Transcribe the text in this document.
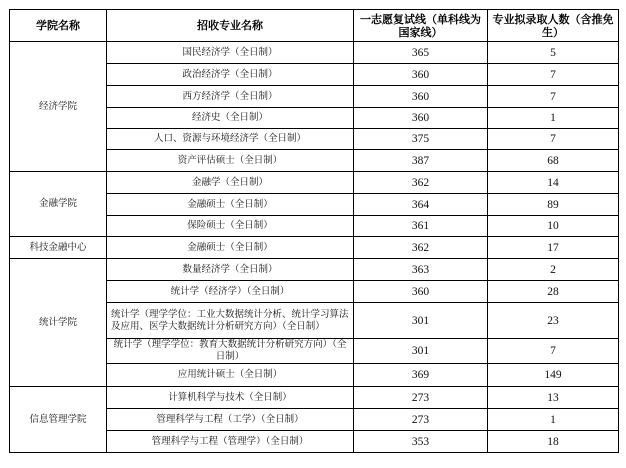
学院名称	招收专业名称	一志愿复试线（单科线为国家线）	专业拟录取人数（含推免生）
经济学院	国民经济学（全日制）	365	5
	政治经济学（全日制）	360	7
	西方经济学（全日制）	360	7
	经济史（全日制）	360	1
	人口、资源与环境经济学（全日制）	375	7
	资产评估硕士（全日制）	387	68
金融学院	金融学（全日制）	362	14
	金融硕士（全日制）	364	89
	保险硕士（全日制）	361	10
科技金融中心	金融硕士（全日制）	362	17
统计学院	数量经济学（全日制）	363	2
	统计学（经济学）（全日制）	360	28
	统计学（理学学位：工业大数据统计分析、统计学习算法及应用、医学大数据统计分析研究方向）（全日制）	301	23
	统计学（理学学位：教育大数据统计分析研究方向）（全日制）	301	7
	应用统计硕士（全日制）	369	149
信息管理学院	计算机科学与技术（全日制）	273	13
	管理科学与工程（工学）（全日制）	273	1
	管理科学与工程（管理学）（全日制）	353	18
